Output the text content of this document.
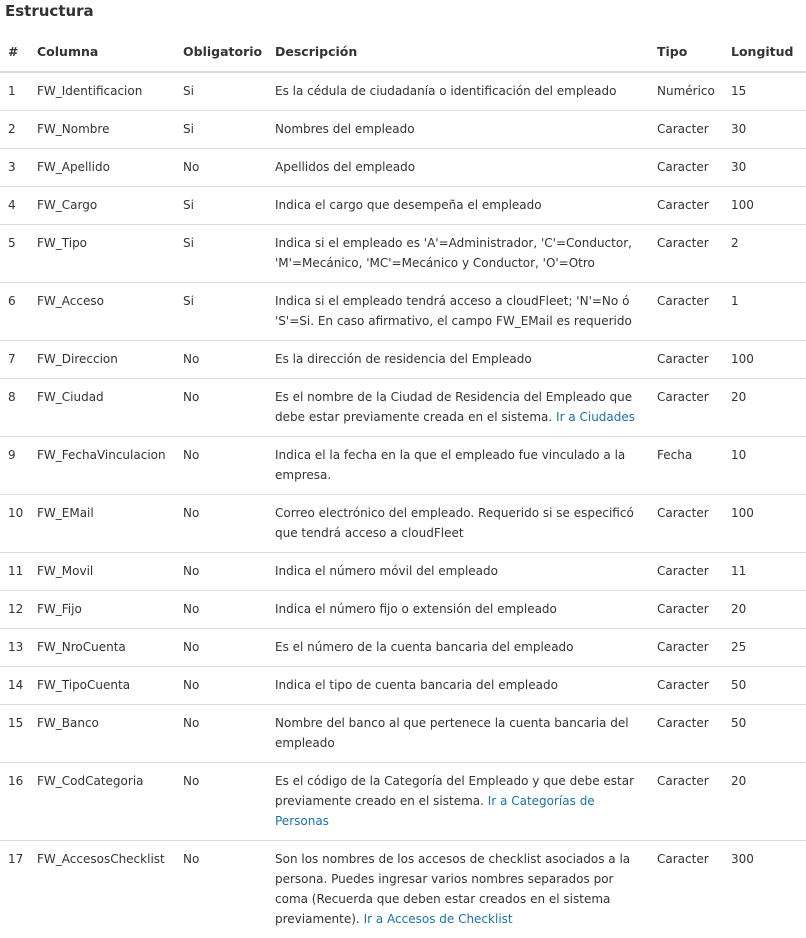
Estructura
#	Columna	Obligatorio	Descripción	Tipo	Longitud
1	FW_Identificacion	Si	Es la cédula de ciudadanía o identificación del empleado	Numérico	15
2	FW_Nombre	Si	Nombres del empleado	Caracter	30
3	FW_Apellido	No	Apellidos del empleado	Caracter	30
4	FW_Cargo	Si	Indica el cargo que desempeña el empleado	Caracter	100
5	FW_Tipo	Si	Indica si el empleado es 'A'=Administrador, 'C'=Conductor, 'M'=Mecánico, 'MC'=Mecánico y Conductor, 'O'=Otro	Caracter	2
6	FW_Acceso	Si	Indica si el empleado tendrá acceso a cloudFleet; 'N'=No ó 'S'=Si. En caso afirmativo, el campo FW_EMail es requerido	Caracter	1
7	FW_Direccion	No	Es la dirección de residencia del Empleado	Caracter	100
8	FW_Ciudad	No	Es el nombre de la Ciudad de Residencia del Empleado que debe estar previamente creada en el sistema. Ir a Ciudades	Caracter	20
9	FW_FechaVinculacion	No	Indica el la fecha en la que el empleado fue vinculado a la empresa.	Fecha	10
10	FW_EMail	No	Correo electrónico del empleado. Requerido si se especificó que tendrá acceso a cloudFleet	Caracter	100
11	FW_Movil	No	Indica el número móvil del empleado	Caracter	11
12	FW_Fijo	No	Indica el número fijo o extensión del empleado	Caracter	20
13	FW_NroCuenta	No	Es el número de la cuenta bancaria del empleado	Caracter	25
14	FW_TipoCuenta	No	Indica el tipo de cuenta bancaria del empleado	Caracter	50
15	FW_Banco	No	Nombre del banco al que pertenece la cuenta bancaria del empleado	Caracter	50
16	FW_CodCategoria	No	Es el código de la Categoría del Empleado y que debe estar previamente creado en el sistema. Ir a Categorías de Personas	Caracter	20
17	FW_AccesosChecklist	No	Son los nombres de los accesos de checklist asociados a la persona. Puedes ingresar varios nombres separados por coma (Recuerda que deben estar creados en el sistema previamente). Ir a Accesos de Checklist	Caracter	300
